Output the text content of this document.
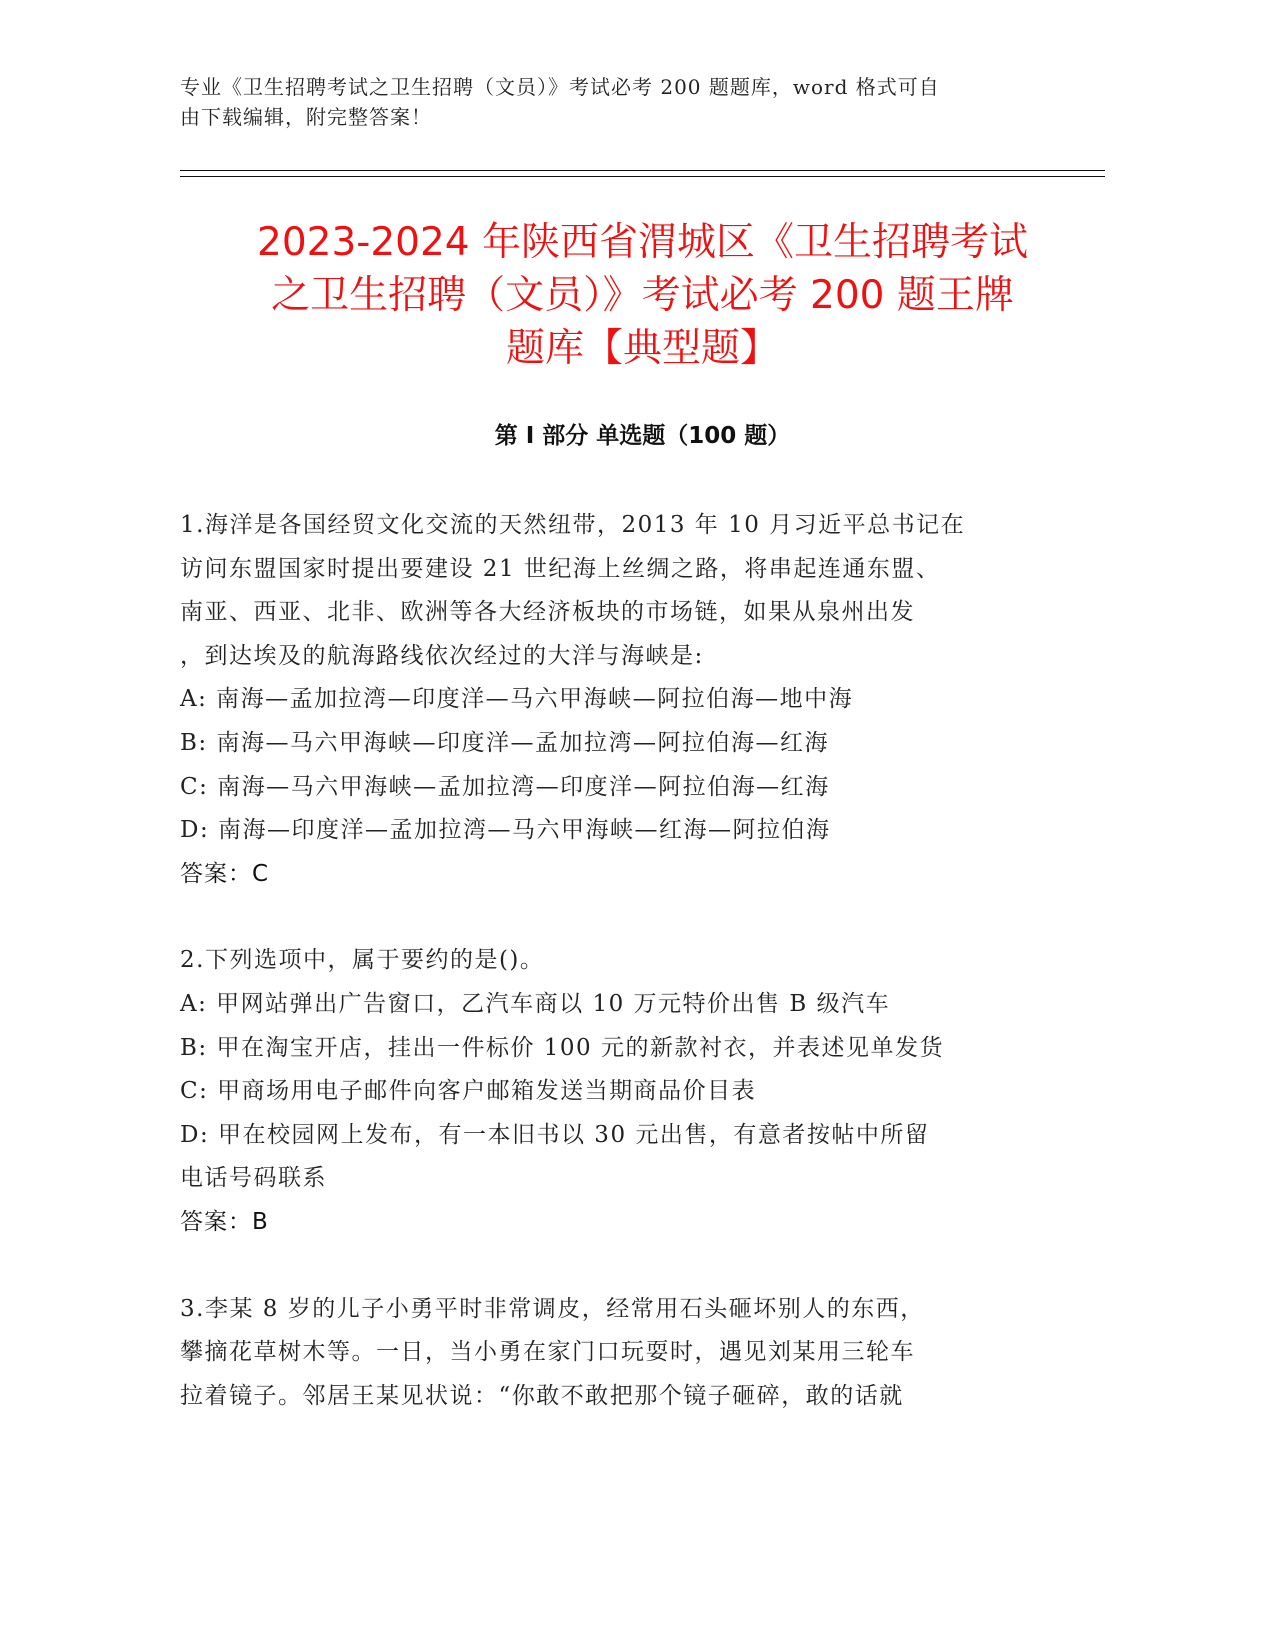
专业《卫生招聘考试之卫生招聘（文员）》考试必考 200 题题库，word 格式可自
由下载编辑，附完整答案！
2023-2024 年陕西省渭城区《卫生招聘考试
之卫生招聘（文员）》考试必考 200 题王牌
题库【典型题】
第 I 部分 单选题（100 题）
1.海洋是各国经贸文化交流的天然纽带，2013 年 10 月习近平总书记在
访问东盟国家时提出要建设 21 世纪海上丝绸之路，将串起连通东盟、
南亚、西亚、北非、欧洲等各大经济板块的市场链，如果从泉州出发
，到达埃及的航海路线依次经过的大洋与海峡是:
A: 南海—孟加拉湾—印度洋—马六甲海峡—阿拉伯海—地中海
B: 南海—马六甲海峡—印度洋—孟加拉湾—阿拉伯海—红海
C: 南海—马六甲海峡—孟加拉湾—印度洋—阿拉伯海—红海
D: 南海—印度洋—孟加拉湾—马六甲海峡—红海—阿拉伯海
答案：C
2.下列选项中，属于要约的是()。
A: 甲网站弹出广告窗口，乙汽车商以 10 万元特价出售 B 级汽车
B: 甲在淘宝开店，挂出一件标价 100 元的新款衬衣，并表述见单发货
C: 甲商场用电子邮件向客户邮箱发送当期商品价目表
D: 甲在校园网上发布，有一本旧书以 30 元出售，有意者按帖中所留
电话号码联系
答案：B
3.李某 8 岁的儿子小勇平时非常调皮，经常用石头砸坏别人的东西，
攀摘花草树木等。一日，当小勇在家门口玩耍时，遇见刘某用三轮车
拉着镜子。邻居王某见状说：“你敢不敢把那个镜子砸碎，敢的话就
